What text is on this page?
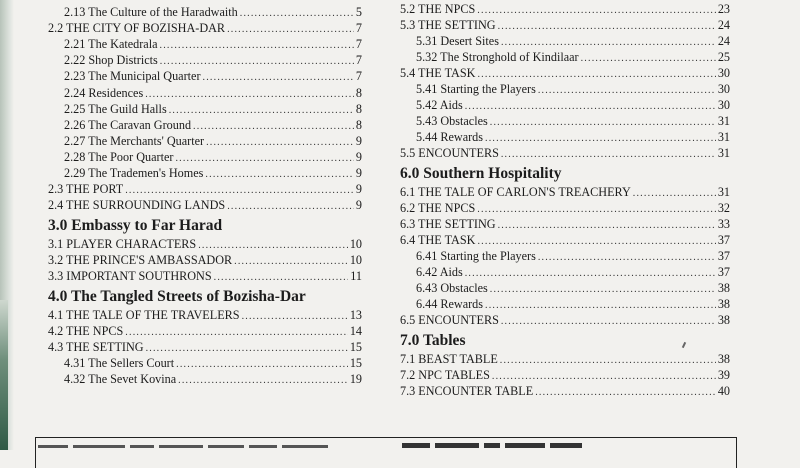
2.13 The Culture of the Haradwaith .....	5
2.2 THE CITY OF BOZISHA-DAR .....	7
2.21 The Katedrala .....	7
2.22 Shop Districts .....	7
2.23 The Municipal Quarter .....	7
2.24 Residences .....	8
2.25 The Guild Halls .....	8
2.26 The Caravan Ground .....	8
2.27 The Merchants' Quarter .....	9
2.28 The Poor Quarter .....	9
2.29 The Trademen's Homes .....	9
2.3 THE PORT .....	9
2.4 THE SURROUNDING LANDS .....	9
3.0 Embassy to Far Harad
3.1 PLAYER CHARACTERS .....	10
3.2 THE PRINCE'S AMBASSADOR .....	10
3.3 IMPORTANT SOUTHRONS .....	11
4.0 The Tangled Streets of Bozisha-Dar
4.1 THE TALE OF THE TRAVELERS .....	13
4.2 THE NPCS .....	14
4.3 THE SETTING .....	15
4.31 The Sellers Court .....	15
4.32 The Sevet Kovina .....	19
5.2 THE NPCS .....	23
5.3 THE SETTING .....	24
5.31 Desert Sites .....	24
5.32 The Stronghold of Kindilaar .....	25
5.4 THE TASK .....	30
5.41 Starting the Players .....	30
5.42 Aids .....	30
5.43 Obstacles .....	31
5.44 Rewards .....	31
5.5 ENCOUNTERS .....	31
6.0 Southern Hospitality
6.1 THE TALE OF CARLON'S TREACHERY .....	31
6.2 THE NPCS .....	32
6.3 THE SETTING .....	33
6.4 THE TASK .....	37
6.41 Starting the Players .....	37
6.42 Aids .....	37
6.43 Obstacles .....	38
6.44 Rewards .....	38
6.5 ENCOUNTERS .....	38
7.0 Tables
7.1 BEAST TABLE .....	38
7.2 NPC TABLES .....	39
7.3 ENCOUNTER TABLE .....	40
